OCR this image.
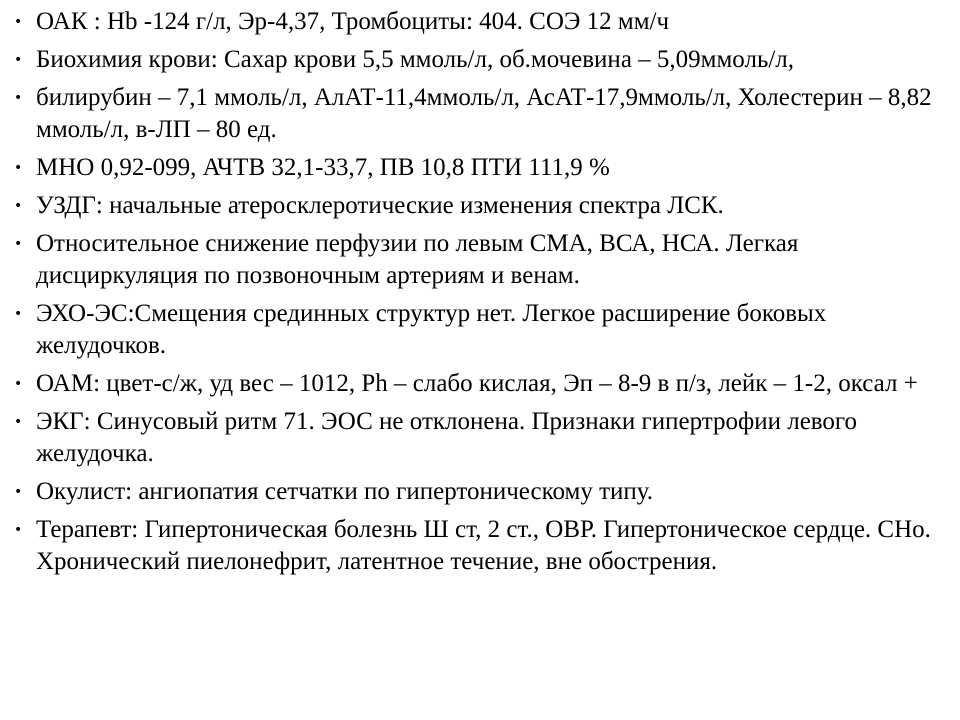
• ОАК : Hb -124 г/л, Эр-4,37, Тромбоциты: 404. СОЭ 12 мм/ч
• Биохимия крови: Сахар крови 5,5 ммоль/л, об.мочевина – 5,09ммоль/л,
• билирубин – 7,1 ммоль/л, АлАТ-11,4ммоль/л, АсАТ-17,9ммоль/л, Холестерин – 8,82 ммоль/л, в-ЛП – 80 ед.
• МНО 0,92-099, АЧТВ 32,1-33,7, ПВ 10,8 ПТИ 111,9 %
• УЗДГ: начальные атеросклеротические изменения спектра ЛСК.
• Относительное снижение перфузии по левым СМА, ВСА, НСА. Легкая дисциркуляция по позвоночным артериям и венам.
• ЭХО-ЭС:Смещения срединных структур нет. Легкое расширение боковых желудочков.
• ОАМ: цвет-с/ж, уд вес – 1012, Ph – слабо кислая, Эп – 8-9 в п/з, лейк – 1-2, оксал +
• ЭКГ: Синусовый ритм 71. ЭОС не отклонена. Признаки гипертрофии левого желудочка.
• Окулист: ангиопатия сетчатки по гипертоническому типу.
• Терапевт: Гипертоническая болезнь Ш ст, 2 ст., ОВР. Гипертоническое сердце. СНо. Хронический пиелонефрит, латентное течение, вне обострения.
